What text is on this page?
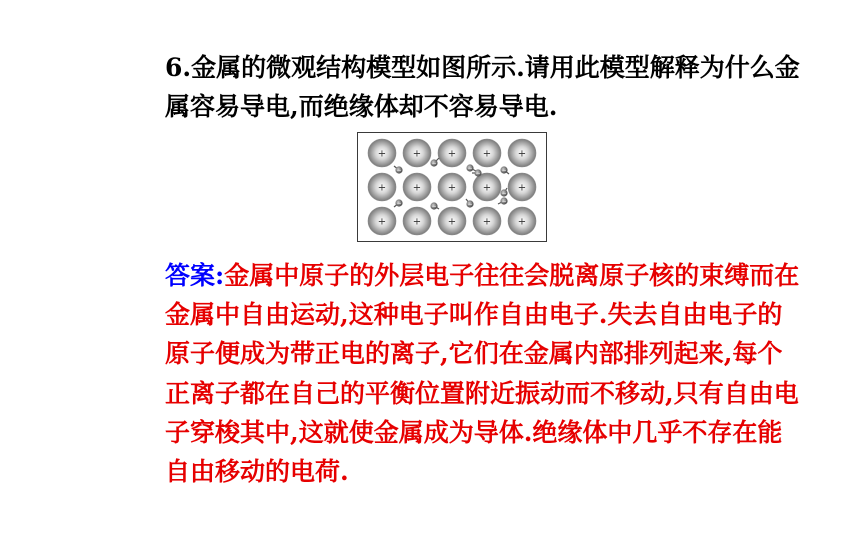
6.金属的微观结构模型如图所示.请用此模型解释为什么金属容易导电,而绝缘体却不容易导电.

+
+
+
+
+
+
+
+
+
+
+
+
+
+
+
−
−
−	−
−	−	−	−
−
−

答案:金属中原子的外层电子往往会脱离原子核的束缚而在金属中自由运动,这种电子叫作自由电子.失去自由电子的原子便成为带正电的离子,它们在金属内部排列起来,每个正离子都在自己的平衡位置附近振动而不移动,只有自由电子穿梭其中,这就使金属成为导体.绝缘体中几乎不存在能自由移动的电荷.
